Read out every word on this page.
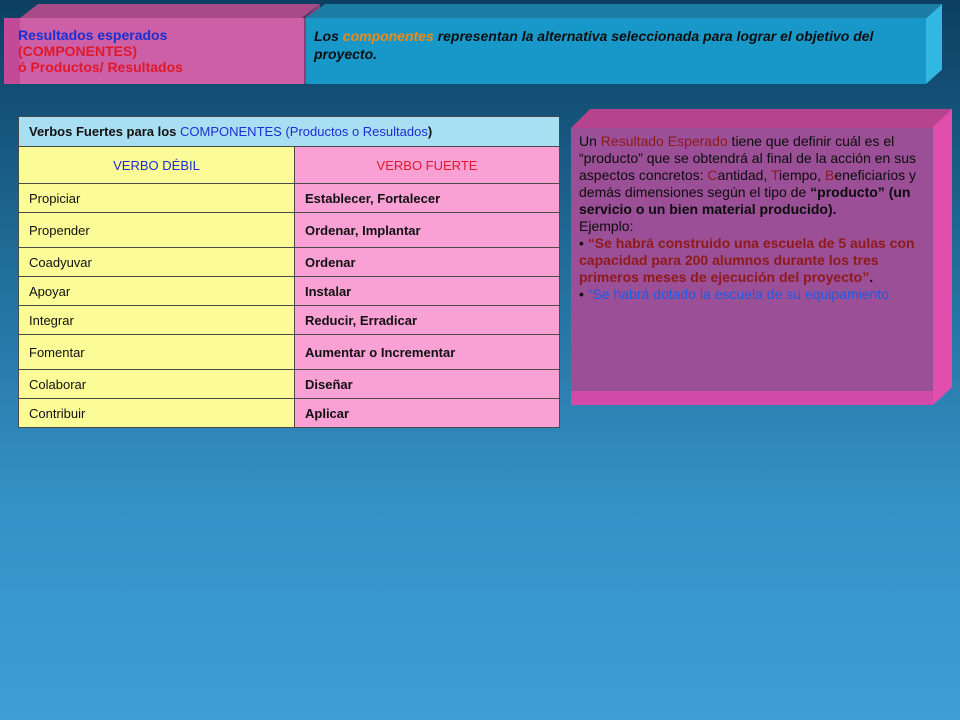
Resultados esperados
(COMPONENTES)
ó Productos/ Resultados
Los componentes representan la alternativa seleccionada para lograr el objetivo del proyecto.
Verbos Fuertes para los COMPONENTES (Productos o Resultados)	
VERBO DÉBIL	VERBO FUERTE
Propiciar	Establecer, Fortalecer
Propender	Ordenar, Implantar
Coadyuvar	Ordenar
Apoyar	Instalar
Integrar	Reducir, Erradicar
Fomentar	Aumentar o Incrementar
Colaborar	Diseñar
Contribuir	Aplicar

Un Resultado Esperado tiene que definir cuál es el “producto” que se obtendrá al final de la acción en sus aspectos concretos: Cantidad, Tiempo, Beneficiarios y demás dimensiones según el tipo de “producto” (un servicio o un bien material producido).

Ejemplo:

• “Se habrá construido una escuela de 5 aulas con capacidad para 200 alumnos durante los tres primeros meses de ejecución del proyecto”.

• “Se habrá dotado la escuela de su equipamiento
